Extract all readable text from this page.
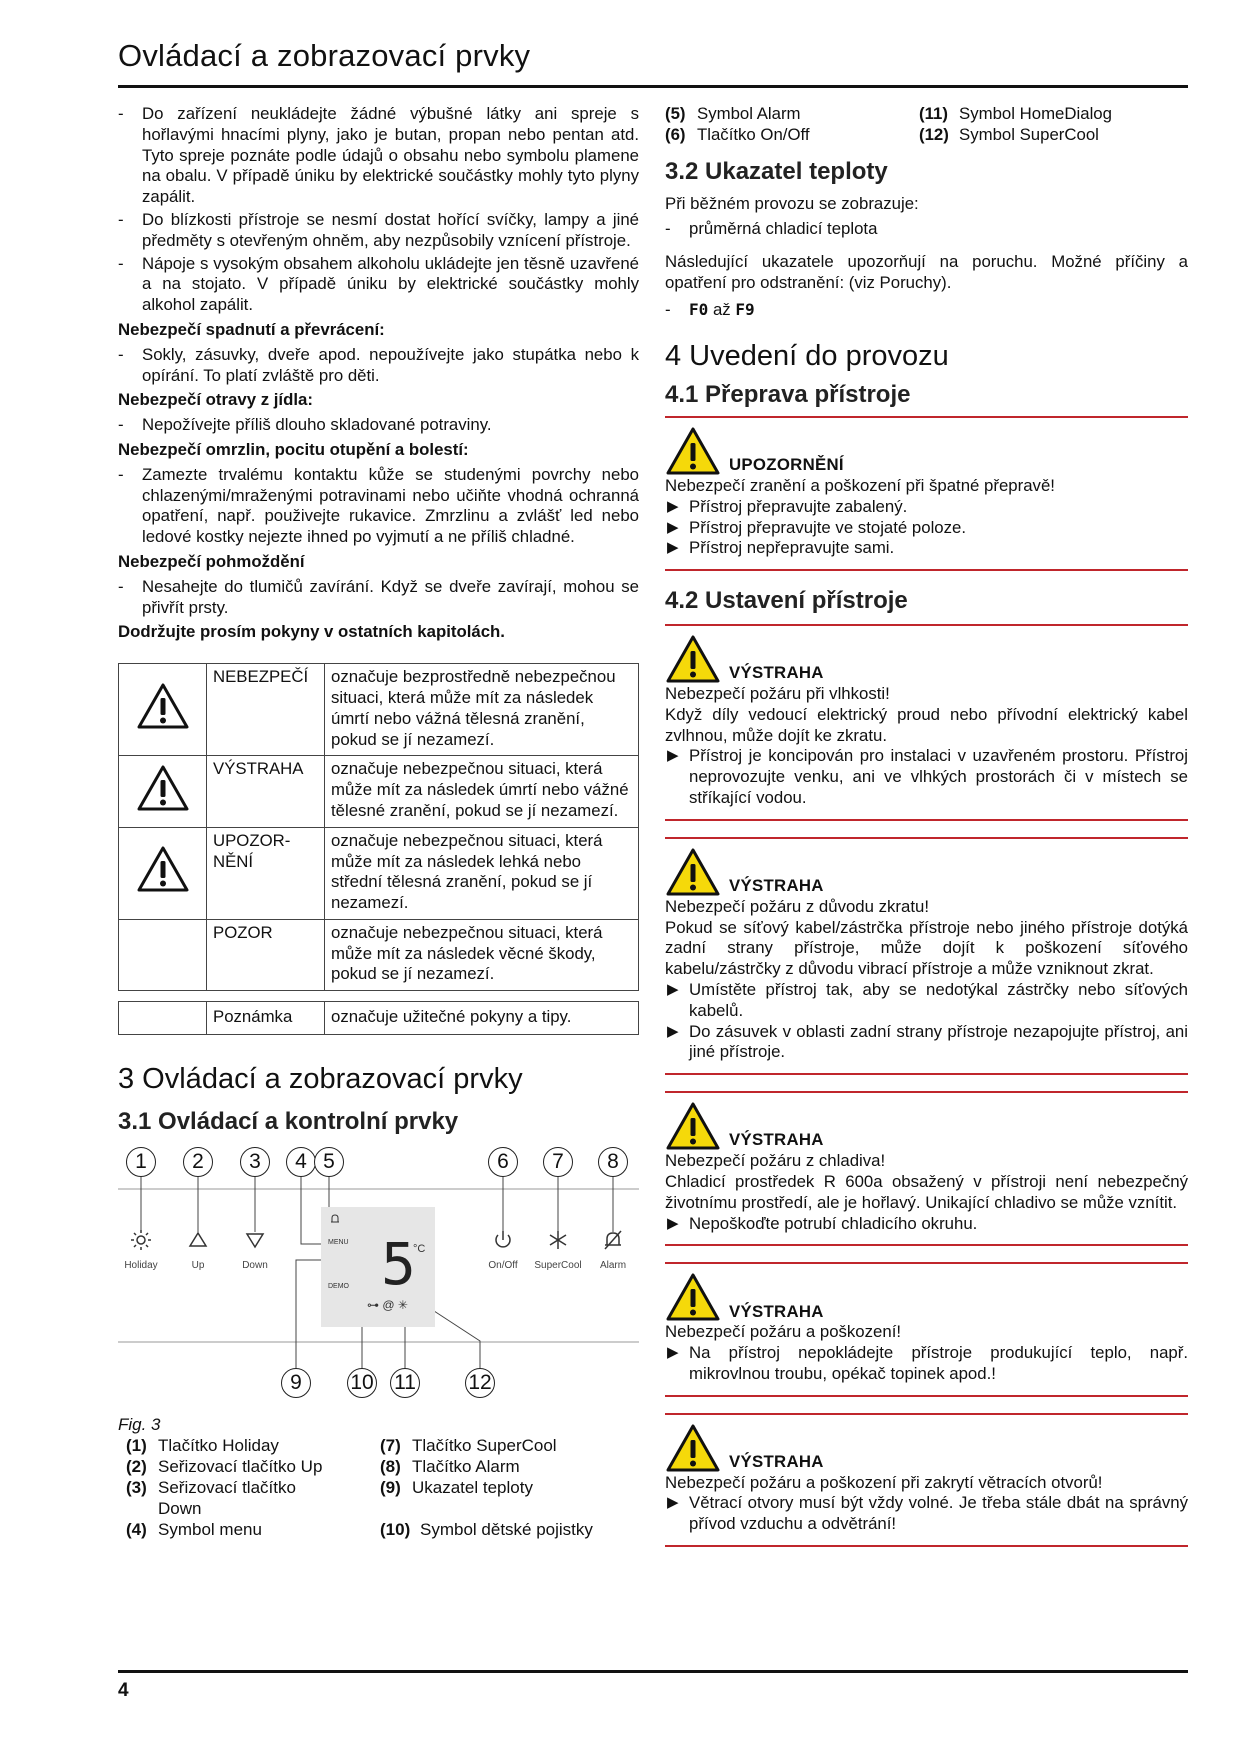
Ovládací a zobrazovací prvky
- Do zařízení neukládejte žádné výbušné látky ani spreje s hořlavými hnacími plyny, jako je butan, propan nebo pentan atd. Tyto spreje poznáte podle údajů o obsahu nebo symbolu plamene na obalu. V případě úniku by elektrické součástky mohly tyto plyny zapálit.
- Do blízkosti přístroje se nesmí dostat hořící svíčky, lampy a jiné předměty s otevřeným ohněm, aby nezpůsobily vznícení přístroje.
- Nápoje s vysokým obsahem alkoholu ukládejte jen těsně uzavřené a na stojato. V případě úniku by elektrické součástky mohly alkohol zapálit.
Nebezpečí spadnutí a převrácení:
- Sokly, zásuvky, dveře apod. nepoužívejte jako stupátka nebo k opírání. To platí zvláště pro děti.
Nebezpečí otravy z jídla:
- Nepožívejte příliš dlouho skladované potraviny.
Nebezpečí omrzlin, pocitu otupění a bolestí:
- Zamezte trvalému kontaktu kůže se studenými povrchy nebo chlazenými/mraženými potravinami nebo učiňte vhodná ochranná opatření, např. použivejte rukavice. Zmrzlinu a zvlášť led nebo ledové kostky nejezte ihned po vyjmutí a ne příliš chladné.
Nebezpečí pohmoždění
- Nesahejte do tlumičů zavírání. Když se dveře zavírají, mohou se přivřít prsty.
Dodržujte prosím pokyny v ostatních kapitolách.
	NEBEZPEČÍ	označuje bezprostředně nebezpečnou situaci, která může mít za následek úmrtí nebo vážná tělesná zranění, pokud se jí nezamezí.
	VÝSTRAHA	označuje nebezpečnou situaci, která může mít za následek úmrtí nebo vážné tělesné zranění, pokud se jí nezamezí.
	UPOZOR-NĚNÍ	označuje nebezpečnou situaci, která může mít za následek lehká nebo střední tělesná zranění, pokud se jí nezamezí.
	POZOR	označuje nebezpečnou situaci, která může mít za následek věcné škody, pokud se jí nezamezí.
	Poznámka	označuje užitečné pokyny a tipy.
3 Ovládací a zobrazovací prvky
3.1 Ovládací a kontrolní prvky
1	2	3	4 5	6	7	8
Holiday	Up	Down
MENU 5
°C
DEMO
⊶ @ ✳
On/Off	SuperCool	Alarm
9	10 11 12
Fig. 3
(1) Tlačítko Holiday
(2) Seřizovací tlačítko Up
(3) Seřizovací tlačítko Down
(4) Symbol menu
(7) Tlačítko SuperCool
(8) Tlačítko Alarm
(9) Ukazatel teploty
(10) Symbol dětské pojistky
(5) Symbol Alarm	(11) Symbol HomeDialog
(6) Tlačítko On/Off	(12) Symbol SuperCool
3.2 Ukazatel teploty
Při běžném provozu se zobrazuje:
- průměrná chladicí teplota
Následující ukazatele upozorňují na poruchu. Možné příčiny a opatření pro odstranění: (viz Poruchy).
- F0 až F9
4 Uvedení do provozu
4.1 Přeprava přístroje
UPOZORNĚNÍ
Nebezpečí zranění a poškození při špatné přepravě!
▶ Přístroj přepravujte zabalený.
▶ Přístroj přepravujte ve stojaté poloze.
▶ Přístroj nepřepravujte sami.
4.2 Ustavení přístroje
VÝSTRAHA
Nebezpečí požáru při vlhkosti!
Když díly vedoucí elektrický proud nebo přívodní elektrický kabel zvlhnou, může dojít ke zkratu.
▶ Přístroj je koncipován pro instalaci v uzavřeném prostoru. Přístroj neprovozujte venku, ani ve vlhkých prostorách či v místech se stříkající vodou.
VÝSTRAHA
Nebezpečí požáru z důvodu zkratu!
Pokud se síťový kabel/zástrčka přístroje nebo jiného přístroje dotýká zadní strany přístroje, může dojít k poškození síťového kabelu/zástrčky z důvodu vibrací přístroje a může vzniknout zkrat.
▶ Umístěte přístroj tak, aby se nedotýkal zástrčky nebo síťových kabelů.
▶ Do zásuvek v oblasti zadní strany přístroje nezapojujte přístroj, ani jiné přístroje.
VÝSTRAHA
Nebezpečí požáru z chladiva!
Chladicí prostředek R 600a obsažený v přístroji není nebezpečný životnímu prostředí, ale je hořlavý. Unikající chladivo se může vznítit.
▶ Nepoškoďte potrubí chladicího okruhu.
VÝSTRAHA
Nebezpečí požáru a poškození!
▶ Na přístroj nepokládejte přístroje produkující teplo, např. mikrovlnou troubu, opékač topinek apod.!
VÝSTRAHA
Nebezpečí požáru a poškození při zakrytí větracích otvorů!
▶ Větrací otvory musí být vždy volné. Je třeba stále dbát na správný přívod vzduchu a odvětrání!
4
